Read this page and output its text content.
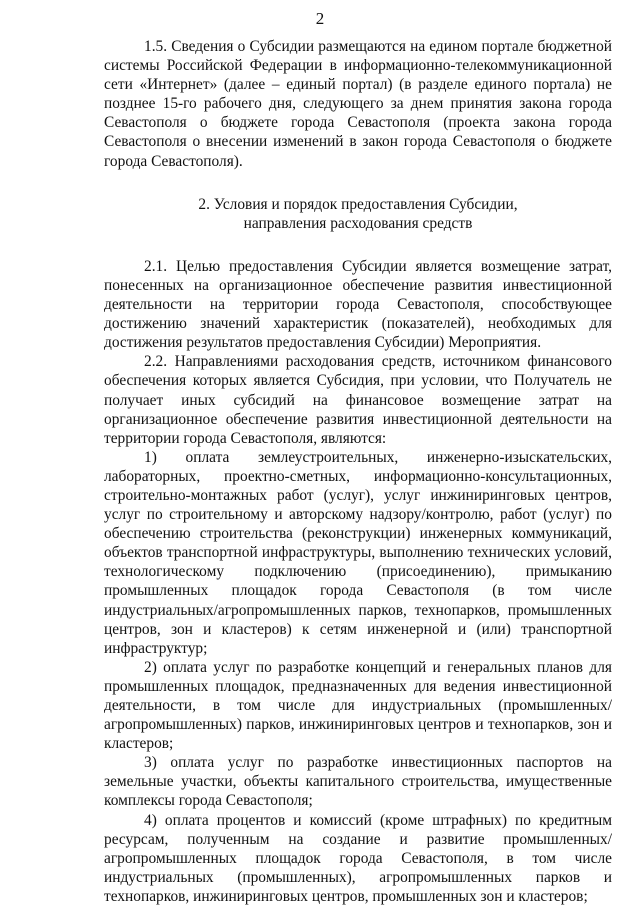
2

1.5. Сведения о Субсидии размещаются на едином портале бюджетной системы Российской Федерации в информационно-телекоммуникационной сети «Интернет» (далее – единый портал) (в разделе единого портала) не позднее 15-го рабочего дня, следующего за днем принятия закона города Севастополя о бюджете города Севастополя (проекта закона города Севастополя о внесении изменений в закон города Севастополя о бюджете города Севастополя).

2. Условия и порядок предоставления Субсидии,
направления расходования средств

2.1. Целью предоставления Субсидии является возмещение затрат, понесенных на организационное обеспечение развития инвестиционной деятельности на территории города Севастополя, способствующее достижению значений характеристик (показателей), необходимых для достижения результатов предоставления Субсидии) Мероприятия.

2.2. Направлениями расходования средств, источником финансового обеспечения которых является Субсидия, при условии, что Получатель не получает иных субсидий на финансовое возмещение затрат на организационное обеспечение развития инвестиционной деятельности на территории города Севастополя, являются:

1) оплата землеустроительных, инженерно-изыскательских, лабораторных, проектно-сметных, информационно-консультационных, строительно-монтажных работ (услуг), услуг инжиниринговых центров, услуг по строительному и авторскому надзору/контролю, работ (услуг) по обеспечению строительства (реконструкции) инженерных коммуникаций, объектов транспортной инфраструктуры, выполнению технических условий, технологическому подключению (присоединению), примыканию промышленных площадок города Севастополя (в том числе индустриальных/агропромышленных парков, технопарков, промышленных центров, зон и кластеров) к сетям инженерной и (или) транспортной инфраструктур;

2) оплата услуг по разработке концепций и генеральных планов для промышленных площадок, предназначенных для ведения инвестиционной деятельности, в том числе для индустриальных (промышленных/агропромышленных) парков, инжиниринговых центров и технопарков, зон и кластеров;

3) оплата услуг по разработке инвестиционных паспортов на земельные участки, объекты капитального строительства, имущественные комплексы города Севастополя;

4) оплата процентов и комиссий (кроме штрафных) по кредитным ресурсам, полученным на создание и развитие промышленных/агропромышленных площадок города Севастополя, в том числе индустриальных (промышленных), агропромышленных парков и технопарков, инжиниринговых центров, промышленных зон и кластеров;
